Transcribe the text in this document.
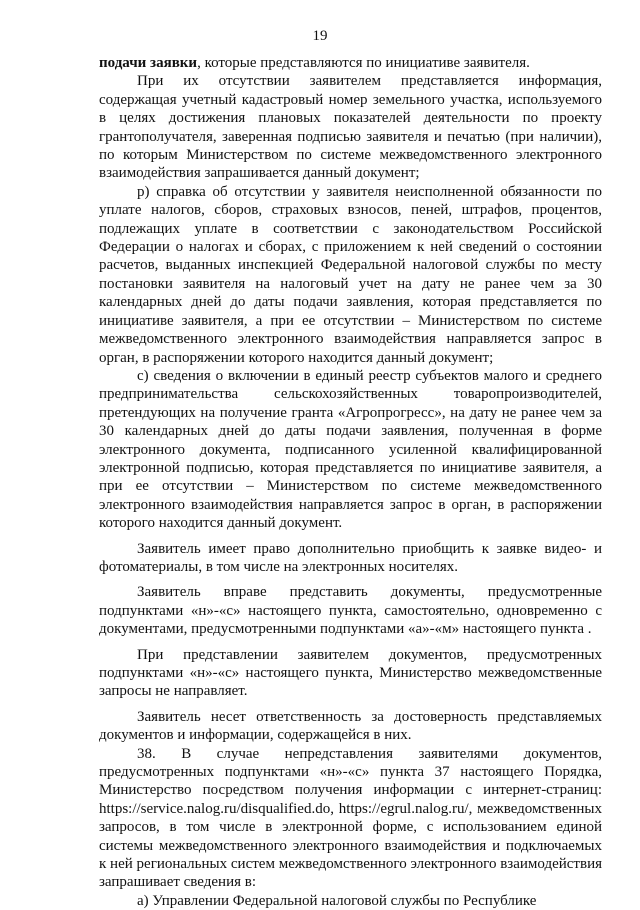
19

подачи заявки, которые представляются по инициативе заявителя.

При их отсутствии заявителем представляется информация, содержащая учетный кадастровый номер земельного участка, используемого в целях достижения плановых показателей деятельности по проекту грантополучателя, заверенная подписью заявителя и печатью (при наличии), по которым Министерством по системе межведомственного электронного взаимодействия запрашивается данный документ;

р) справка об отсутствии у заявителя неисполненной обязанности по уплате налогов, сборов, страховых взносов, пеней, штрафов, процентов, подлежащих уплате в соответствии с законодательством Российской Федерации о налогах и сборах, с приложением к ней сведений о состоянии расчетов, выданных инспекцией Федеральной налоговой службы по месту постановки заявителя на налоговый учет на дату не ранее чем за 30 календарных дней до даты подачи заявления, которая представляется по инициативе заявителя, а при ее отсутствии – Министерством по системе межведомственного электронного взаимодействия направляется запрос в орган, в распоряжении которого находится данный документ;

с) сведения о включении в единый реестр субъектов малого и среднего предпринимательства сельскохозяйственных товаропроизводителей, претендующих на получение гранта «Агропрогресс», на дату не ранее чем за 30 календарных дней до даты подачи заявления, полученная в форме электронного документа, подписанного усиленной квалифицированной электронной подписью, которая представляется по инициативе заявителя, а при ее отсутствии – Министерством по системе межведомственного электронного взаимодействия направляется запрос в орган, в распоряжении которого находится данный документ.

Заявитель имеет право дополнительно приобщить к заявке видео- и фотоматериалы, в том числе на электронных носителях.

Заявитель вправе представить документы, предусмотренные подпунктами «н»-«с» настоящего пункта, самостоятельно, одновременно с документами, предусмотренными подпунктами «а»-«м» настоящего пункта .

При представлении заявителем документов, предусмотренных подпунктами «н»-«с» настоящего пункта, Министерство межведомственные запросы не направляет.

Заявитель несет ответственность за достоверность представляемых документов и информации, содержащейся в них.

38. В случае непредставления заявителями документов, предусмотренных подпунктами «н»-«с» пункта 37 настоящего Порядка, Министерство посредством получения информации с интернет-страниц: https://service.nalog.ru/disqualified.do, https://egrul.nalog.ru/, межведомственных запросов, в том числе в электронной форме, с использованием единой системы межведомственного электронного взаимодействия и подключаемых к ней региональных систем межведомственного электронного взаимодействия запрашивает сведения в:

а) Управлении Федеральной налоговой службы по Республике
